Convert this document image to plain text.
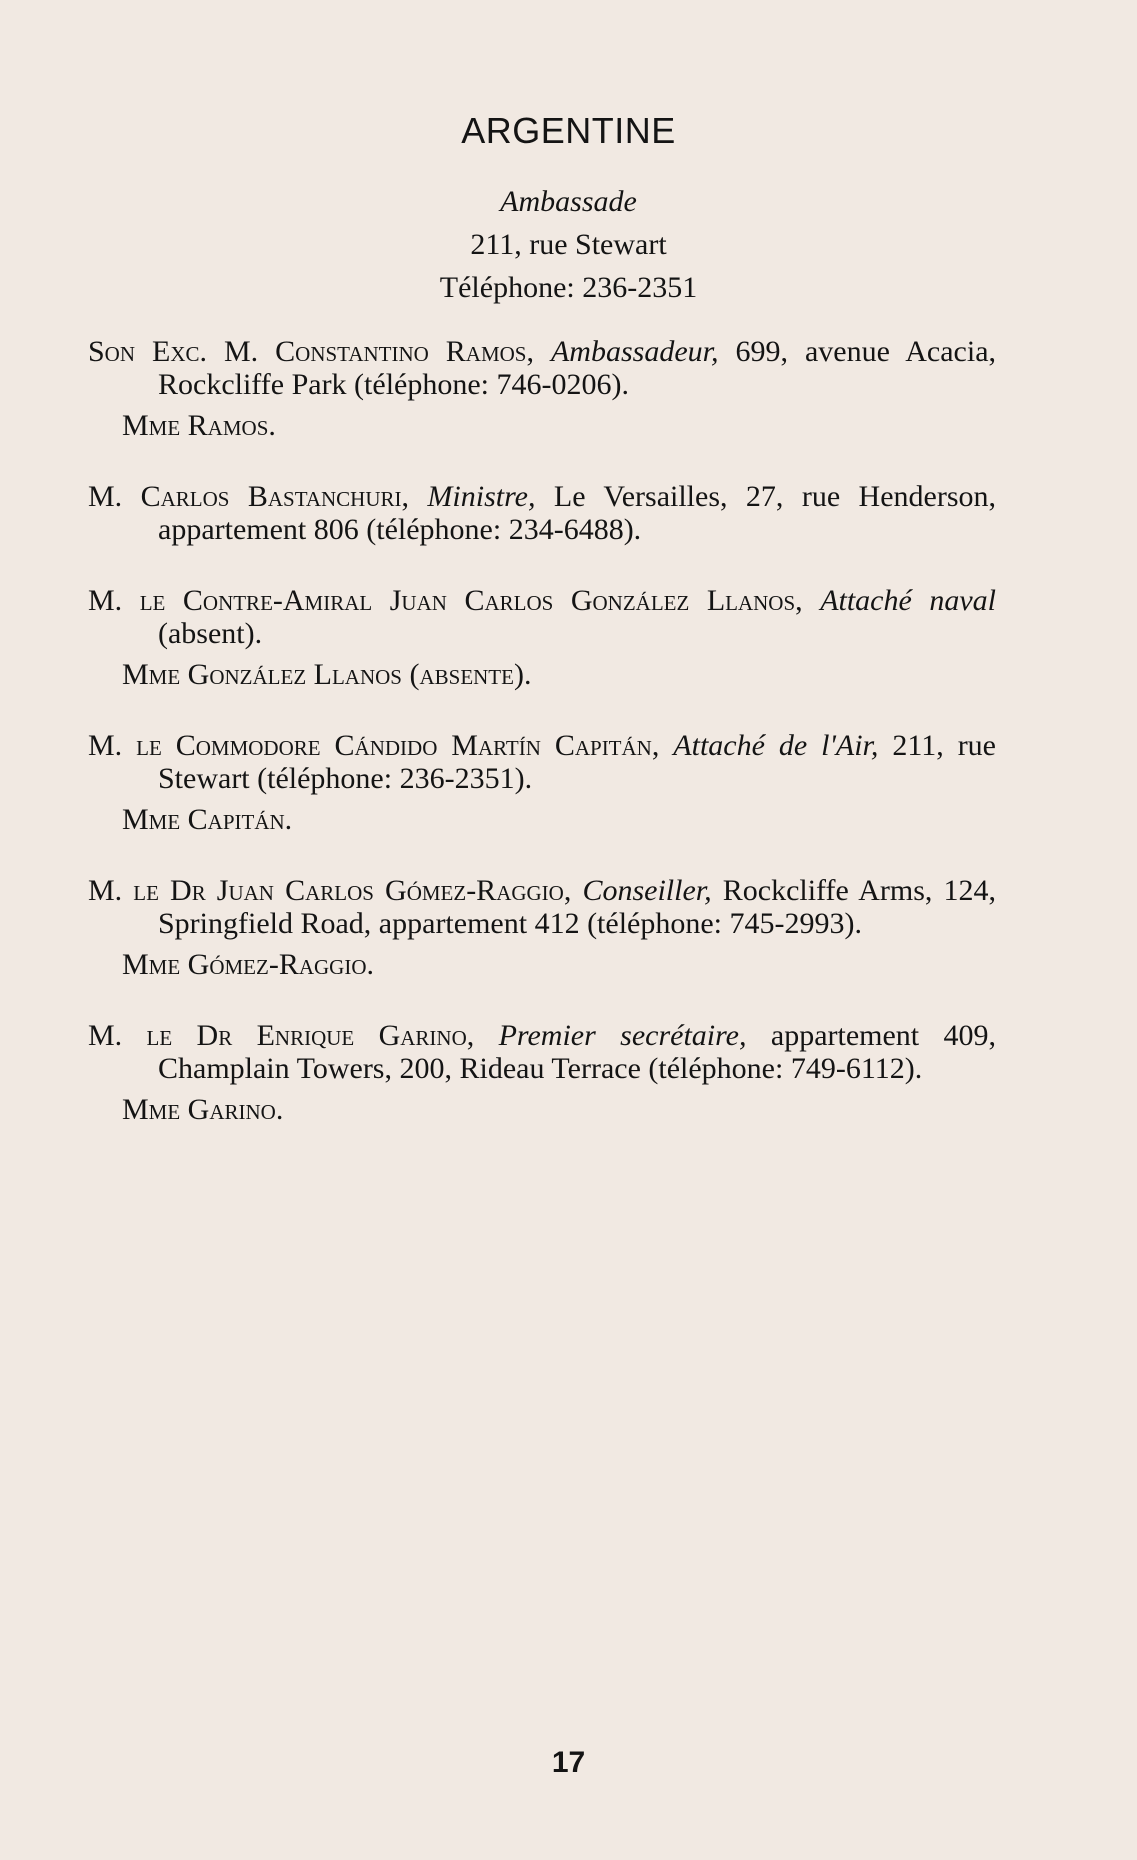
ARGENTINE
Ambassade
211, rue Stewart
Téléphone: 236-2351
Son Exc. M. Constantino Ramos, Ambassadeur, 699, avenue Acacia, Rockcliffe Park (téléphone: 746-0206).
Mme Ramos.
M. Carlos Bastanchuri, Ministre, Le Versailles, 27, rue Henderson, appartement 806 (téléphone: 234-6488).
M. le Contre-Amiral Juan Carlos González Llanos, Attaché naval (absent).
Mme González Llanos (absente).
M. le Commodore Cándido Martín Capitán, Attaché de l'Air, 211, rue Stewart (téléphone: 236-2351).
Mme Capitán.
M. le Dr Juan Carlos Gómez-Raggio, Conseiller, Rockcliffe Arms, 124, Springfield Road, appartement 412 (téléphone: 745-2993).
Mme Gómez-Raggio.
M. le Dr Enrique Garino, Premier secrétaire, appartement 409, Champlain Towers, 200, Rideau Terrace (téléphone: 749-6112).
Mme Garino.
17
